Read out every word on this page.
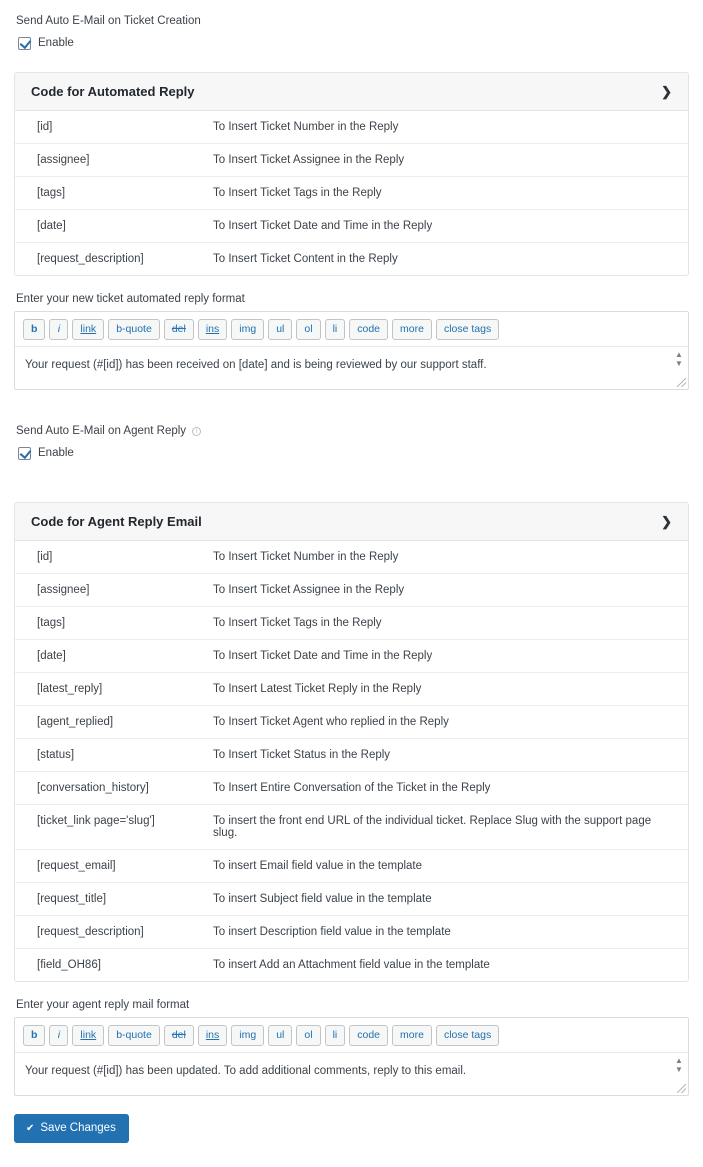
Send Auto E-Mail on Ticket Creation
Enable
Code for Automated Reply	❯
[id]	To Insert Ticket Number in the Reply
[assignee]	To Insert Ticket Assignee in the Reply
[tags]	To Insert Ticket Tags in the Reply
[date]	To Insert Ticket Date and Time in the Reply
[request_description]	To Insert Ticket Content in the Reply
Enter your new ticket automated reply format
b	i	link	b-quote	del	ins	img	ul	ol	li	code	more	close tags
Your request (#[id]) has been received on [date] and is being reviewed by our support staff.
▲
▼
Send Auto E-Mail on Agent Reply i
Enable
Code for Agent Reply Email	❯
[id]	To Insert Ticket Number in the Reply
[assignee]	To Insert Ticket Assignee in the Reply
[tags]	To Insert Ticket Tags in the Reply
[date]	To Insert Ticket Date and Time in the Reply
[latest_reply]	To Insert Latest Ticket Reply in the Reply
[agent_replied]	To Insert Ticket Agent who replied in the Reply
[status]	To Insert Ticket Status in the Reply
[conversation_history]	To Insert Entire Conversation of the Ticket in the Reply
[ticket_link page='slug']	To insert the front end URL of the individual ticket. Replace Slug with the support page slug.
[request_email]	To insert Email field value in the template
[request_title]	To insert Subject field value in the template
[request_description]	To insert Description field value in the template
[field_OH86]	To insert Add an Attachment field value in the template
Enter your agent reply mail format
b	i	link	b-quote	del	ins	img	ul	ol	li	code	more	close tags
Your request (#[id]) has been updated. To add additional comments, reply to this email.
▲
▼
✔ Save Changes
